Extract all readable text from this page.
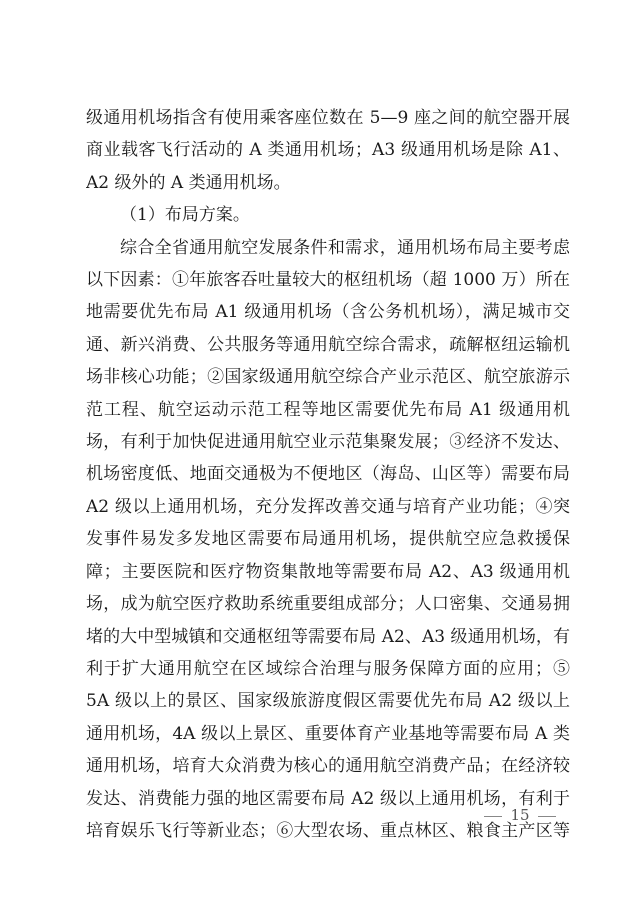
级通用机场指含有使用乘客座位数在 5—9 座之间的航空器开展
商业载客飞行活动的 A 类通用机场；A3 级通用机场是除 A1、
A2 级外的 A 类通用机场。
（1）布局方案。
综合全省通用航空发展条件和需求，通用机场布局主要考虑
以下因素：①年旅客吞吐量较大的枢纽机场（超 1000 万）所在
地需要优先布局 A1 级通用机场（含公务机机场），满足城市交
通、新兴消费、公共服务等通用航空综合需求，疏解枢纽运输机
场非核心功能；②国家级通用航空综合产业示范区、航空旅游示
范工程、航空运动示范工程等地区需要优先布局 A1 级通用机
场，有利于加快促进通用航空业示范集聚发展；③经济不发达、
机场密度低、地面交通极为不便地区（海岛、山区等）需要布局
A2 级以上通用机场，充分发挥改善交通与培育产业功能；④突
发事件易发多发地区需要布局通用机场，提供航空应急救援保
障；主要医院和医疗物资集散地等需要布局 A2、A3 级通用机
场，成为航空医疗救助系统重要组成部分；人口密集、交通易拥
堵的大中型城镇和交通枢纽等需要布局 A2、A3 级通用机场，有
利于扩大通用航空在区域综合治理与服务保障方面的应用；⑤
5A 级以上的景区、国家级旅游度假区需要优先布局 A2 级以上
通用机场，4A 级以上景区、重要体育产业基地等需要布局 A 类
通用机场，培育大众消费为核心的通用航空消费产品；在经济较
发达、消费能力强的地区需要布局 A2 级以上通用机场，有利于
培育娱乐飞行等新业态；⑥大型农场、重点林区、粮食主产区等
15
